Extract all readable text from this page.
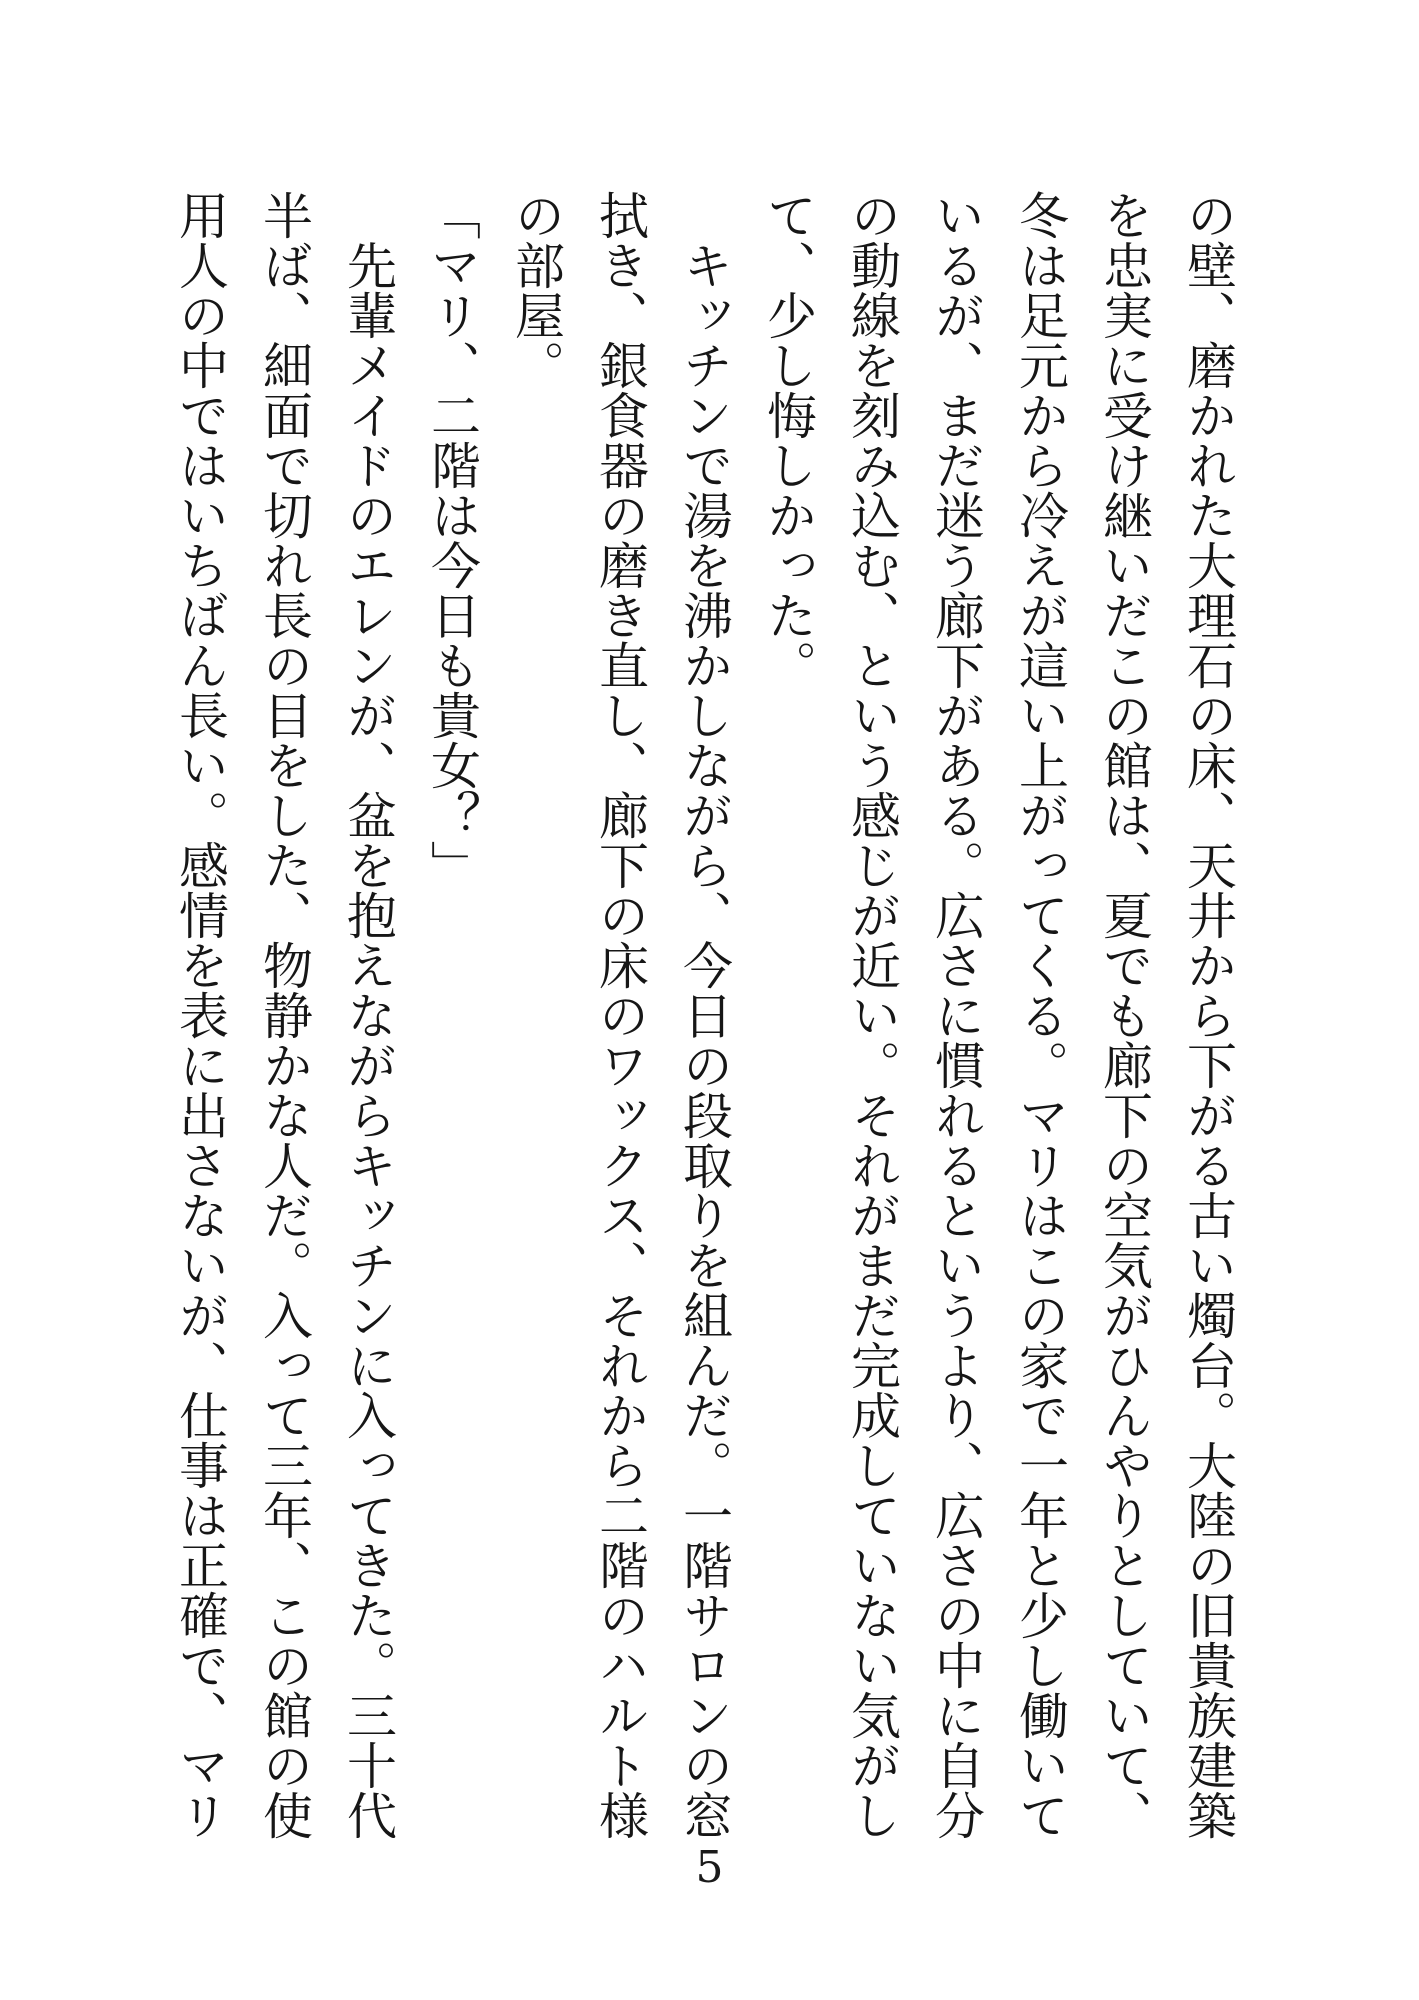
の壁、磨かれた大理石の床、天井から下がる古い燭台。大陸の旧貴族建築
を忠実に受け継いだこの館は、夏でも廊下の空気がひんやりとしていて、
冬は足元から冷えが這い上がってくる。マリはこの家で一年と少し働いて
いるが、まだ迷う廊下がある。広さに慣れるというより、広さの中に自分
の動線を刻み込む、という感じが近い。それがまだ完成していない気がし
て、少し悔しかった。
　キッチンで湯を沸かしながら、今日の段取りを組んだ。一階サロンの窓
拭き、銀食器の磨き直し、廊下の床のワックス、それから二階のハルト様
の部屋。
「マリ、二階は今日も貴女？」
　先輩メイドのエレンが、盆を抱えながらキッチンに入ってきた。三十代
半ば、細面で切れ長の目をした、物静かな人だ。入って三年、この館の使
用人の中ではいちばん長い。感情を表に出さないが、仕事は正確で、マリ
5
